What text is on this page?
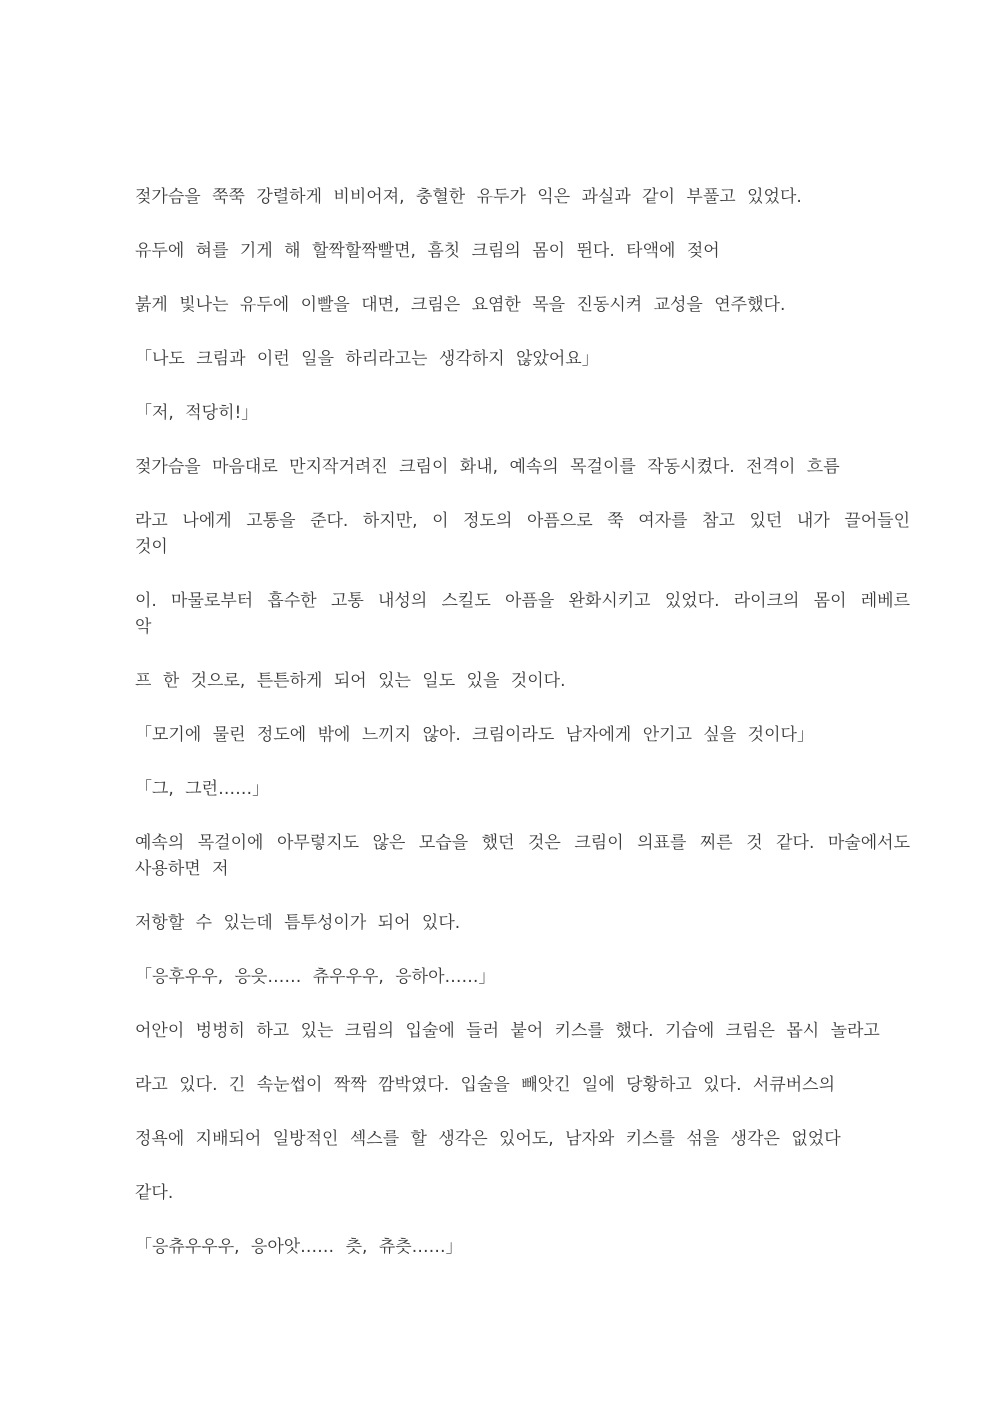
젖가슴을 쭉쭉 강렬하게 비비어져, 충혈한 유두가 익은 과실과 같이 부풀고 있었다.

유두에 혀를 기게 해 할짝할짝빨면, 흠칫 크림의 몸이 뛴다. 타액에 젖어

붉게 빛나는 유두에 이빨을 대면, 크림은 요염한 목을 진동시켜 교성을 연주했다.

「나도 크림과 이런 일을 하리라고는 생각하지 않았어요」

「저, 적당히!」

젖가슴을 마음대로 만지작거려진 크림이 화내, 예속의 목걸이를 작동시켰다. 전격이 흐름

라고 나에게 고통을 준다. 하지만, 이 정도의 아픔으로 쭉 여자를 참고 있던 내가 끌어들인
것이

이. 마물로부터 흡수한 고통 내성의 스킬도 아픔을 완화시키고 있었다. 라이크의 몸이 레베르
악

프 한 것으로, 튼튼하게 되어 있는 일도 있을 것이다.

「모기에 물린 정도에 밖에 느끼지 않아. 크림이라도 남자에게 안기고 싶을 것이다」

「그, 그런……」

예속의 목걸이에 아무렇지도 않은 모습을 했던 것은 크림이 의표를 찌른 것 같다. 마술에서도
사용하면 저

저항할 수 있는데 틈투성이가 되어 있다.

「응후우우, 응읏…… 츄우우우, 응하아……」

어안이 벙벙히 하고 있는 크림의 입술에 들러 붙어 키스를 했다. 기습에 크림은 몹시 놀라고

라고 있다. 긴 속눈썹이 짝짝 깜박였다. 입술을 빼앗긴 일에 당황하고 있다. 서큐버스의

정욕에 지배되어 일방적인 섹스를 할 생각은 있어도, 남자와 키스를 섞을 생각은 없었다

같다.

「응츄우우우, 응아앗…… 츳, 츄츳……」
